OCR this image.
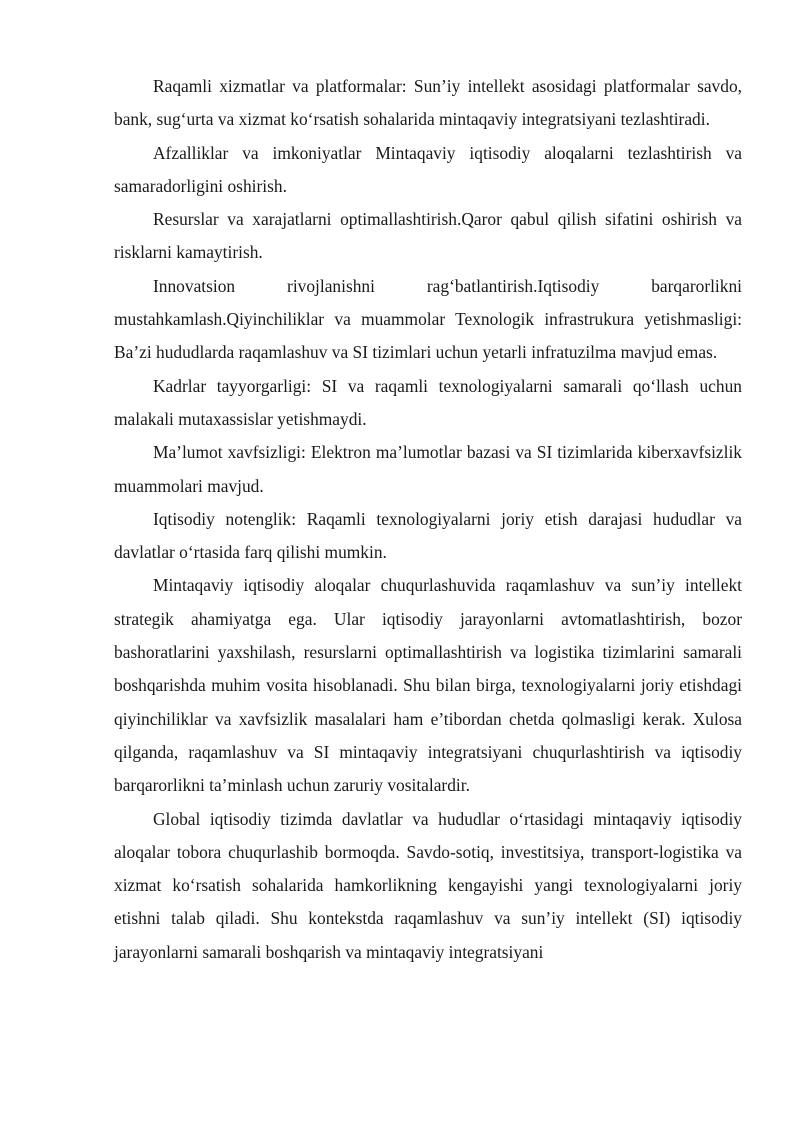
Raqamli xizmatlar va platformalar: Sun’iy intellekt asosidagi platformalar savdo, bank, sug‘urta va xizmat ko‘rsatish sohalarida mintaqaviy integratsiyani tezlashtiradi.

Afzalliklar va imkoniyatlar Mintaqaviy iqtisodiy aloqalarni tezlashtirish va samaradorligini oshirish.

Resurslar va xarajatlarni optimallashtirish.Qaror qabul qilish sifatini oshirish va risklarni kamaytirish.

Innovatsion rivojlanishni rag‘batlantirish.Iqtisodiy barqarorlikni mustahkamlash.Qiyinchiliklar va muammolar Texnologik infrastrukura yetishmasligi: Ba’zi hududlarda raqamlashuv va SI tizimlari uchun yetarli infratuzilma mavjud emas.

Kadrlar tayyorgarligi: SI va raqamli texnologiyalarni samarali qo‘llash uchun malakali mutaxassislar yetishmaydi.

Ma’lumot xavfsizligi: Elektron ma’lumotlar bazasi va SI tizimlarida kiberxavfsizlik muammolari mavjud.

Iqtisodiy notenglik: Raqamli texnologiyalarni joriy etish darajasi hududlar va davlatlar o‘rtasida farq qilishi mumkin.

Mintaqaviy iqtisodiy aloqalar chuqurlashuvida raqamlashuv va sun’iy intellekt strategik ahamiyatga ega. Ular iqtisodiy jarayonlarni avtomatlashtirish, bozor bashoratlarini yaxshilash, resurslarni optimallashtirish va logistika tizimlarini samarali boshqarishda muhim vosita hisoblanadi. Shu bilan birga, texnologiyalarni joriy etishdagi qiyinchiliklar va xavfsizlik masalalari ham e’tibordan chetda qolmasligi kerak. Xulosa qilganda, raqamlashuv va SI mintaqaviy integratsiyani chuqurlashtirish va iqtisodiy barqarorlikni ta’minlash uchun zaruriy vositalardir.

Global iqtisodiy tizimda davlatlar va hududlar o‘rtasidagi mintaqaviy iqtisodiy aloqalar tobora chuqurlashib bormoqda. Savdo-sotiq, investitsiya, transport-logistika va xizmat ko‘rsatish sohalarida hamkorlikning kengayishi yangi texnologiyalarni joriy etishni talab qiladi. Shu kontekstda raqamlashuv va sun’iy intellekt (SI) iqtisodiy jarayonlarni samarali boshqarish va mintaqaviy integratsiyani
